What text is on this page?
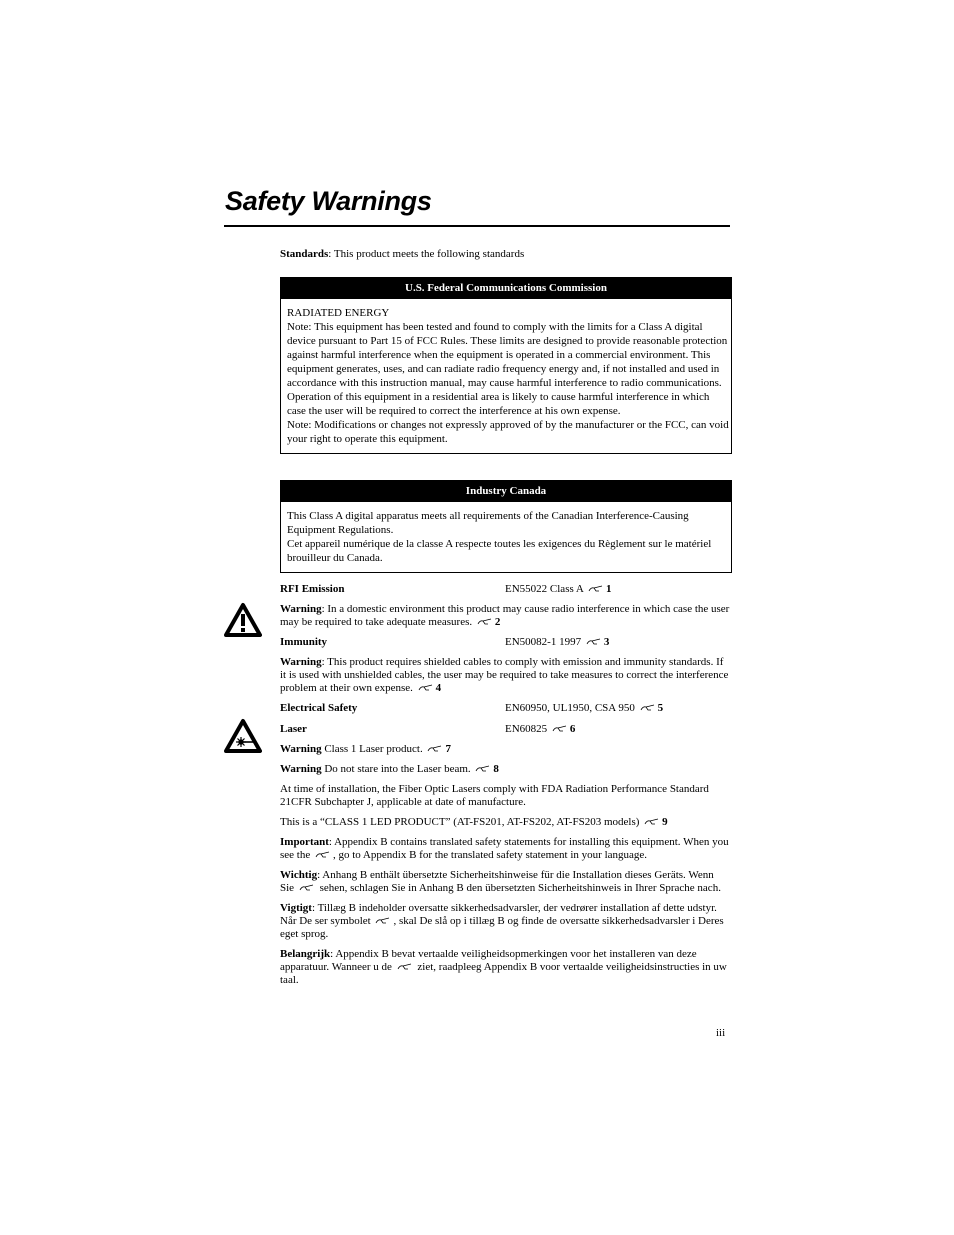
Safety Warnings

Standards: This product meets the following standards

U.S. Federal Communications Commission
RADIATED ENERGY
Note: This equipment has been tested and found to comply with the limits for a Class A digital device pursuant to Part 15 of FCC Rules. These limits are designed to provide reasonable protection against harmful interference when the equipment is operated in a commercial environment. This equipment generates, uses, and can radiate radio frequency energy and, if not installed and used in accordance with this instruction manual, may cause harmful interference to radio communications. Operation of this equipment in a residential area is likely to cause harmful interference in which case the user will be required to correct the interference at his own expense.
Note: Modifications or changes not expressly approved of by the manufacturer or the FCC, can void your right to operate this equipment.
Industry Canada
This Class A digital apparatus meets all requirements of the Canadian Interference-Causing Equipment Regulations.
Cet appareil numérique de la classe A respecte toutes les exigences du Règlement sur le matériel brouilleur du Canada.
RFI Emission	EN55022 Class A 1

Warning: In a domestic environment this product may cause radio interference in which case the user may be required to take adequate measures. 2

Immunity	EN50082-1 1997 3

Warning: This product requires shielded cables to comply with emission and immunity standards. If it is used with unshielded cables, the user may be required to take measures to correct the interference problem at their own expense. 4

Electrical Safety	EN60950, UL1950, CSA 950 5
Laser	EN60825 6

Warning Class 1 Laser product. 7

Warning Do not stare into the Laser beam. 8

At time of installation, the Fiber Optic Lasers comply with FDA Radiation Performance Standard 21CFR Subchapter J, applicable at date of manufacture.

This is a “CLASS 1 LED PRODUCT” (AT-FS201, AT-FS202, AT-FS203 models) 9

Important: Appendix B contains translated safety statements for installing this equipment. When you see the , go to Appendix B for the translated safety statement in your language.

Wichtig: Anhang B enthält übersetzte Sicherheitshinweise für die Installation dieses Geräts. Wenn Sie  sehen, schlagen Sie in Anhang B den übersetzten Sicherheitshinweis in Ihrer Sprache nach.

Vigtigt: Tillæg B indeholder oversatte sikkerhedsadvarsler, der vedrører installation af dette udstyr. Når De ser symbolet , skal De slå op i tillæg B og finde de oversatte sikkerhedsadvarsler i Deres eget sprog.

Belangrijk: Appendix B bevat vertaalde veiligheidsopmerkingen voor het installeren van deze apparatuur. Wanneer u de  ziet, raadpleeg Appendix B voor vertaalde veiligheidsinstructies in uw taal.

iii
